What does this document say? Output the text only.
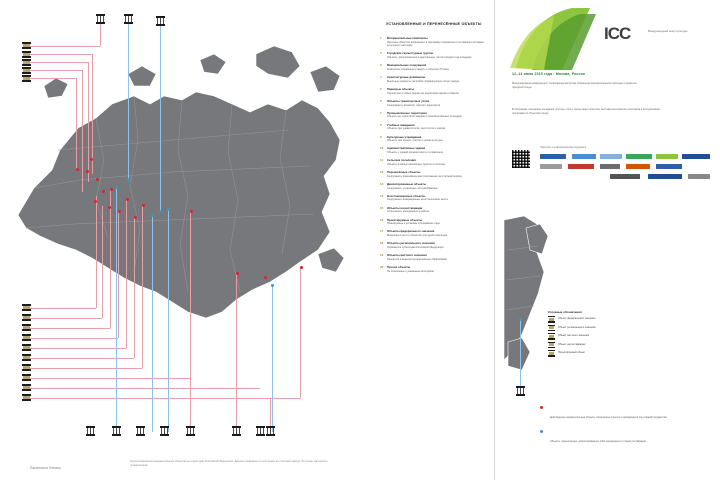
Памятники Ленину
Карта размещения монументальных объектов на территории Российской Федерации. Данные приведены по состоянию на отчётный период. Источник: материалы организаторов.
УСТАНОВЛЕННЫЕ И ПЕРЕНЕСЁННЫЕ ОБЪЕКТЫ
1 Монументальные комплексы
Перечень объектов, включённых в программу сохранения и реставрации историко-культурного наследия.
2 Городские скульптурные группы
Объекты, расположенные в центральных частях городов и на площадях.
3 Мемориальные сооружения
Комплексы, созданные в память о событиях XX века.
4 Архитектурные доминанты
Высотные элементы застройки, формирующие силуэт города.
5 Парковые объекты
Скульптуры и малые формы на территории парков и скверов.
6 Объекты транспортных узлов
Сооружения у вокзалов, портов и аэропортов.
7 Промышленные территории
Объекты на территории заводов и производственных площадок.
8 Учебные заведения
Объекты при университетах, институтах и школах.
9 Культурные учреждения
Объекты при музеях, театрах и домах культуры.
10 Административные здания
Объекты у зданий органов власти и управления.
11 Сельские поселения
Объекты в малых населённых пунктах и посёлках.
12 Перенесённые объекты
Сооружения, изменившие местоположение за отчётный период.
13 Демонтированные объекты
Сооружения, утраченные или разобранные.
14 Восстановленные объекты
Сооружения, возвращённые на исторические места.
15 Объекты на реставрации
Сооружения, находящиеся в работе.
16 Проектируемые объекты
Планируемые к установке в ближайшие годы.
17 Объекты федерального значения
Включены в реестр объектов культурного наследия.
18 Объекты регионального значения
Охраняются субъектами Российской Федерации.
19 Объекты местного значения
Находятся в ведении муниципальных образований.
20 Прочие объекты
Не отнесённые к указанным категориям.
ICC	Международный центр культуры
12–14 июня 2015 года · Москва, Россия
Международная конференция, посвящённая вопросам сохранения монументального наследия и развития городской среды.
В программе: пленарные заседания, круглые столы, презентации проектов, выставка материалов участников и экскурсионная программа по объектам города.
Партнёры и информационная поддержка
Условные обозначения
Объект федерального значения
Объект регионального значения
Объект местного значения
Объект на реставрации
Проектируемый объект
Действующие монументальные объекты, включённые в реестр и находящиеся под охраной государства.
Объекты, перенесённые, демонтированные либо находящиеся в стадии реставрации.
